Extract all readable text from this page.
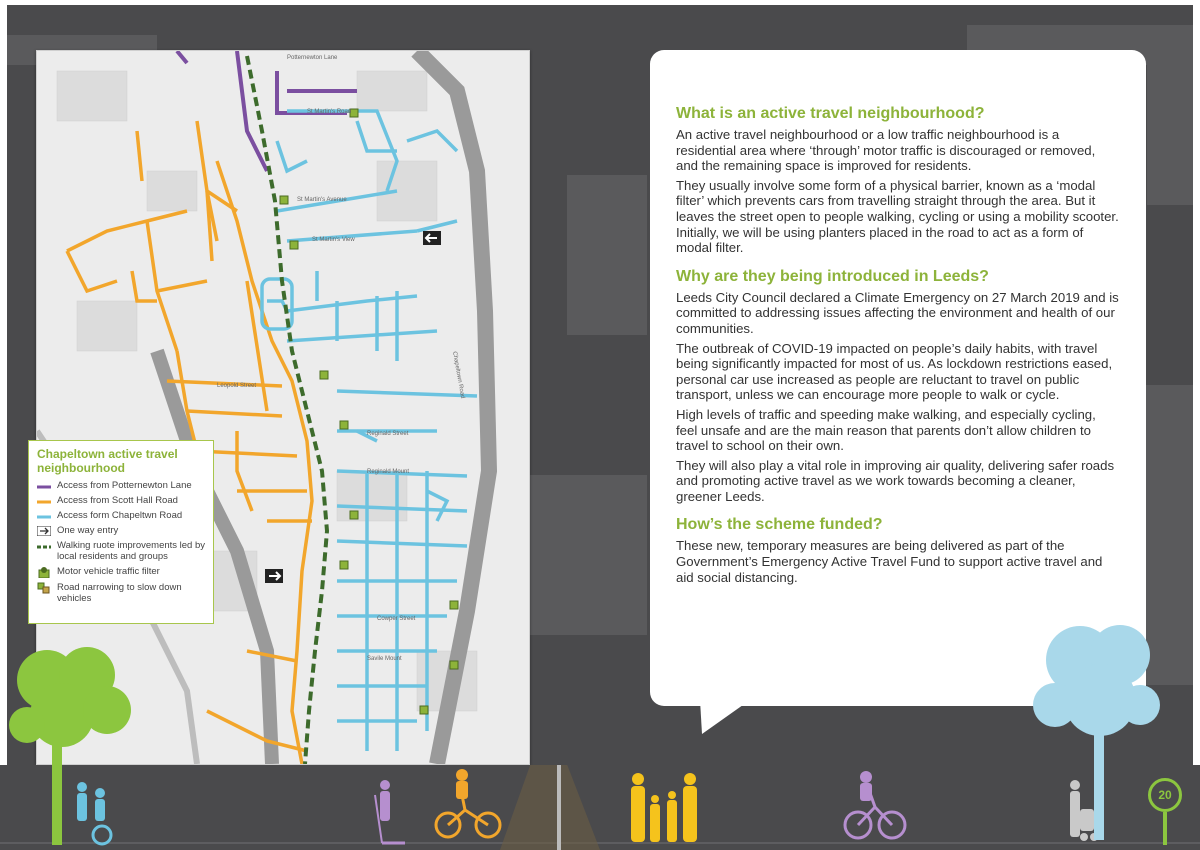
Potternewton Lane
St Martin's Road
St Martin's Avenue
St Martin's View
Leopold Street
Reginald Street
Reginald Mount
Savile Mount
Cowper Street
Chapeltown Road
Chapeltown active travel neighbourhood
Access from Potternewton Lane
Access from Scott Hall Road
Access form Chapeltwn Road
One way entry
Walking ruote improvements led by local residents and groups
Motor vehicle traffic filter
Road narrowing to slow down vehicles
What is an active travel neighbourhood?

An active travel neighbourhood or a low traffic neighbourhood is a residential area where ‘through’ motor traffic is discouraged or removed, and the remaining space is improved for residents.

They usually involve some form of a physical barrier, known as a ‘modal filter’ which prevents cars from travelling straight through the area. But it leaves the street open to people walking, cycling or using a mobility scooter. Initially, we will be using planters placed in the road to act as a form of modal filter.

Why are they being introduced in Leeds?

Leeds City Council declared a Climate Emergency on 27 March 2019 and is committed to addressing issues affecting the environment and health of our communities.

The outbreak of COVID-19 impacted on people’s daily habits, with travel being significantly impacted for most of us. As lockdown restrictions eased, personal car use increased as people are reluctant to travel on public transport, unless we can encourage more people to walk or cycle.

High levels of traffic and speeding make walking, and especially cycling, feel unsafe and are the main reason that parents don’t allow children to travel to school on their own.

They will also play a vital role in improving air quality, delivering safer roads and promoting active travel as we work towards becoming a cleaner, greener Leeds.

How’s the scheme funded?

These new, temporary measures are being delivered as part of the Government’s Emergency Active Travel Fund to support active travel and aid social distancing.

20
